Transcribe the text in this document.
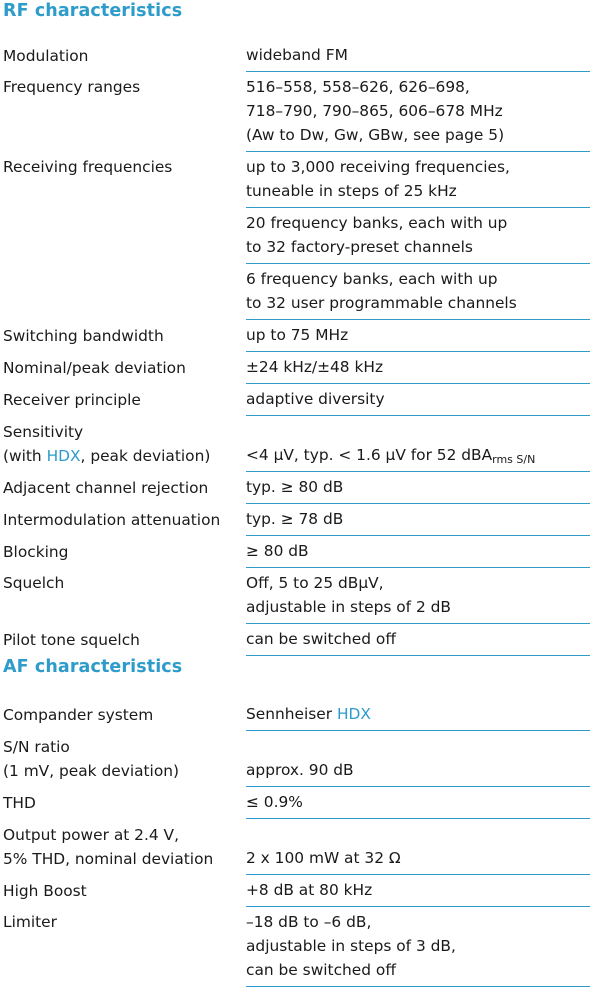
RF characteristics
Modulation	wideband FM
Frequency ranges	516–558, 558–626, 626–698,
718–790, 790–865, 606–678 MHz
(Aw to Dw, Gw, GBw, see page 5)
Receiving frequencies	up to 3,000 receiving frequencies,
tuneable in steps of 25 kHz
20 frequency banks, each with up
to 32 factory-preset channels
6 frequency banks, each with up
to 32 user programmable channels
Switching bandwidth	up to 75 MHz
Nominal/peak deviation	±24 kHz/±48 kHz
Receiver principle	adaptive diversity
Sensitivity
(with HDX, peak deviation)	<4 µV, typ. < 1.6 µV for 52 dBA$_{rms S/N}$
Adjacent channel rejection	typ. ≥ 80 dB
Intermodulation attenuation	typ. ≥ 78 dB
Blocking	≥ 80 dB
Squelch	Off, 5 to 25 dBµV,
adjustable in steps of 2 dB
Pilot tone squelch	can be switched off
AF characteristics
Compander system	Sennheiser HDX
S/N ratio
(1 mV, peak deviation)	approx. 90 dB
THD	≤ 0.9%
Output power at 2.4 V,
5% THD, nominal deviation	2 x 100 mW at 32 Ω
High Boost	+8 dB at 80 kHz
Limiter	–18 dB to –6 dB,
adjustable in steps of 3 dB,
can be switched off
